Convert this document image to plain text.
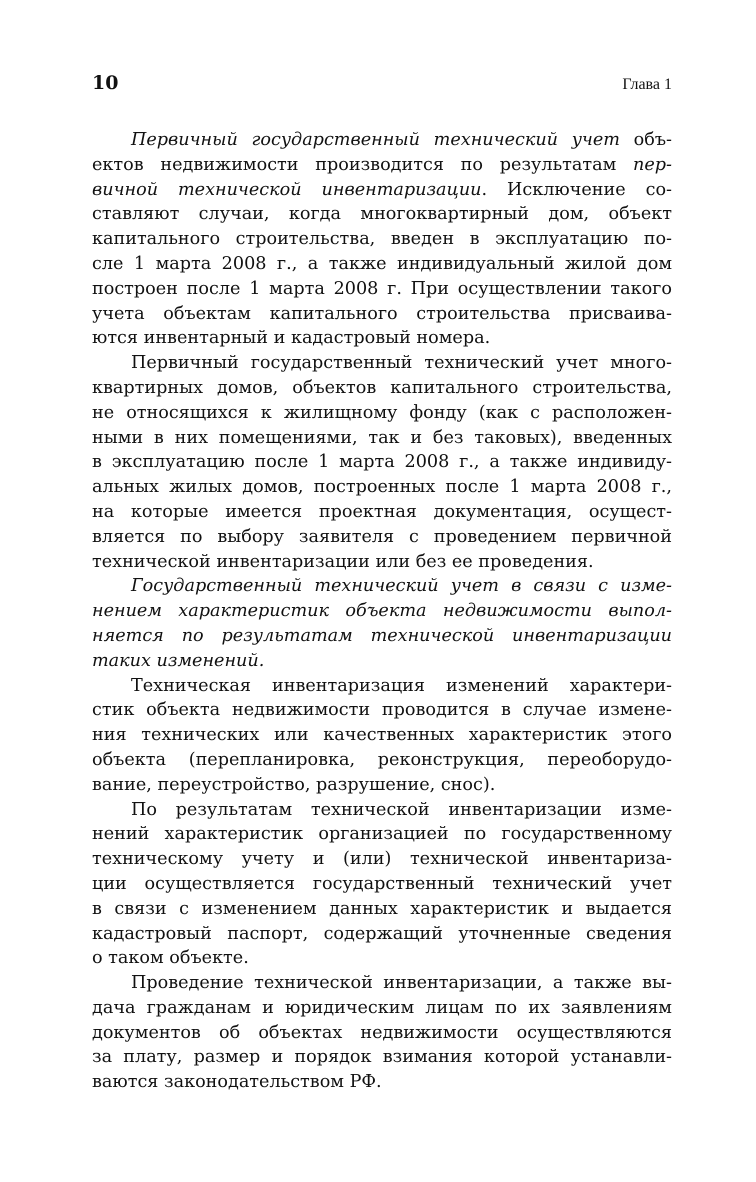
10	Глава 1
Первичный государственный технический учет объ-
ектов недвижимости производится по результатам пер-
вичной технической инвентаризации. Исключение со-
ставляют случаи, когда многоквартирный дом, объект
капитального строительства, введен в эксплуатацию по-
сле 1 марта 2008 г., а также индивидуальный жилой дом
построен после 1 марта 2008 г. При осуществлении такого
учета объектам капитального строительства присваива-
ются инвентарный и кадастровый номера.
Первичный государственный технический учет много-
квартирных домов, объектов капитального строительства,
не относящихся к жилищному фонду (как с расположен-
ными в них помещениями, так и без таковых), введенных
в эксплуатацию после 1 марта 2008 г., а также индивиду-
альных жилых домов, построенных после 1 марта 2008 г.,
на которые имеется проектная документация, осущест-
вляется по выбору заявителя с проведением первичной
технической инвентаризации или без ее проведения.
Государственный технический учет в связи с изме-
нением характеристик объекта недвижимости выпол-
няется по результатам технической инвентаризации
таких изменений.
Техническая инвентаризация изменений характери-
стик объекта недвижимости проводится в случае измене-
ния технических или качественных характеристик этого
объекта (перепланировка, реконструкция, переоборудо-
вание, переустройство, разрушение, снос).
По результатам технической инвентаризации изме-
нений характеристик организацией по государственному
техническому учету и (или) технической инвентариза-
ции осуществляется государственный технический учет
в связи с изменением данных характеристик и выдается
кадастровый паспорт, содержащий уточненные сведения
о таком объекте.
Проведение технической инвентаризации, а также вы-
дача гражданам и юридическим лицам по их заявлениям
документов об объектах недвижимости осуществляются
за плату, размер и порядок взимания которой устанавли-
ваются законодательством РФ.
